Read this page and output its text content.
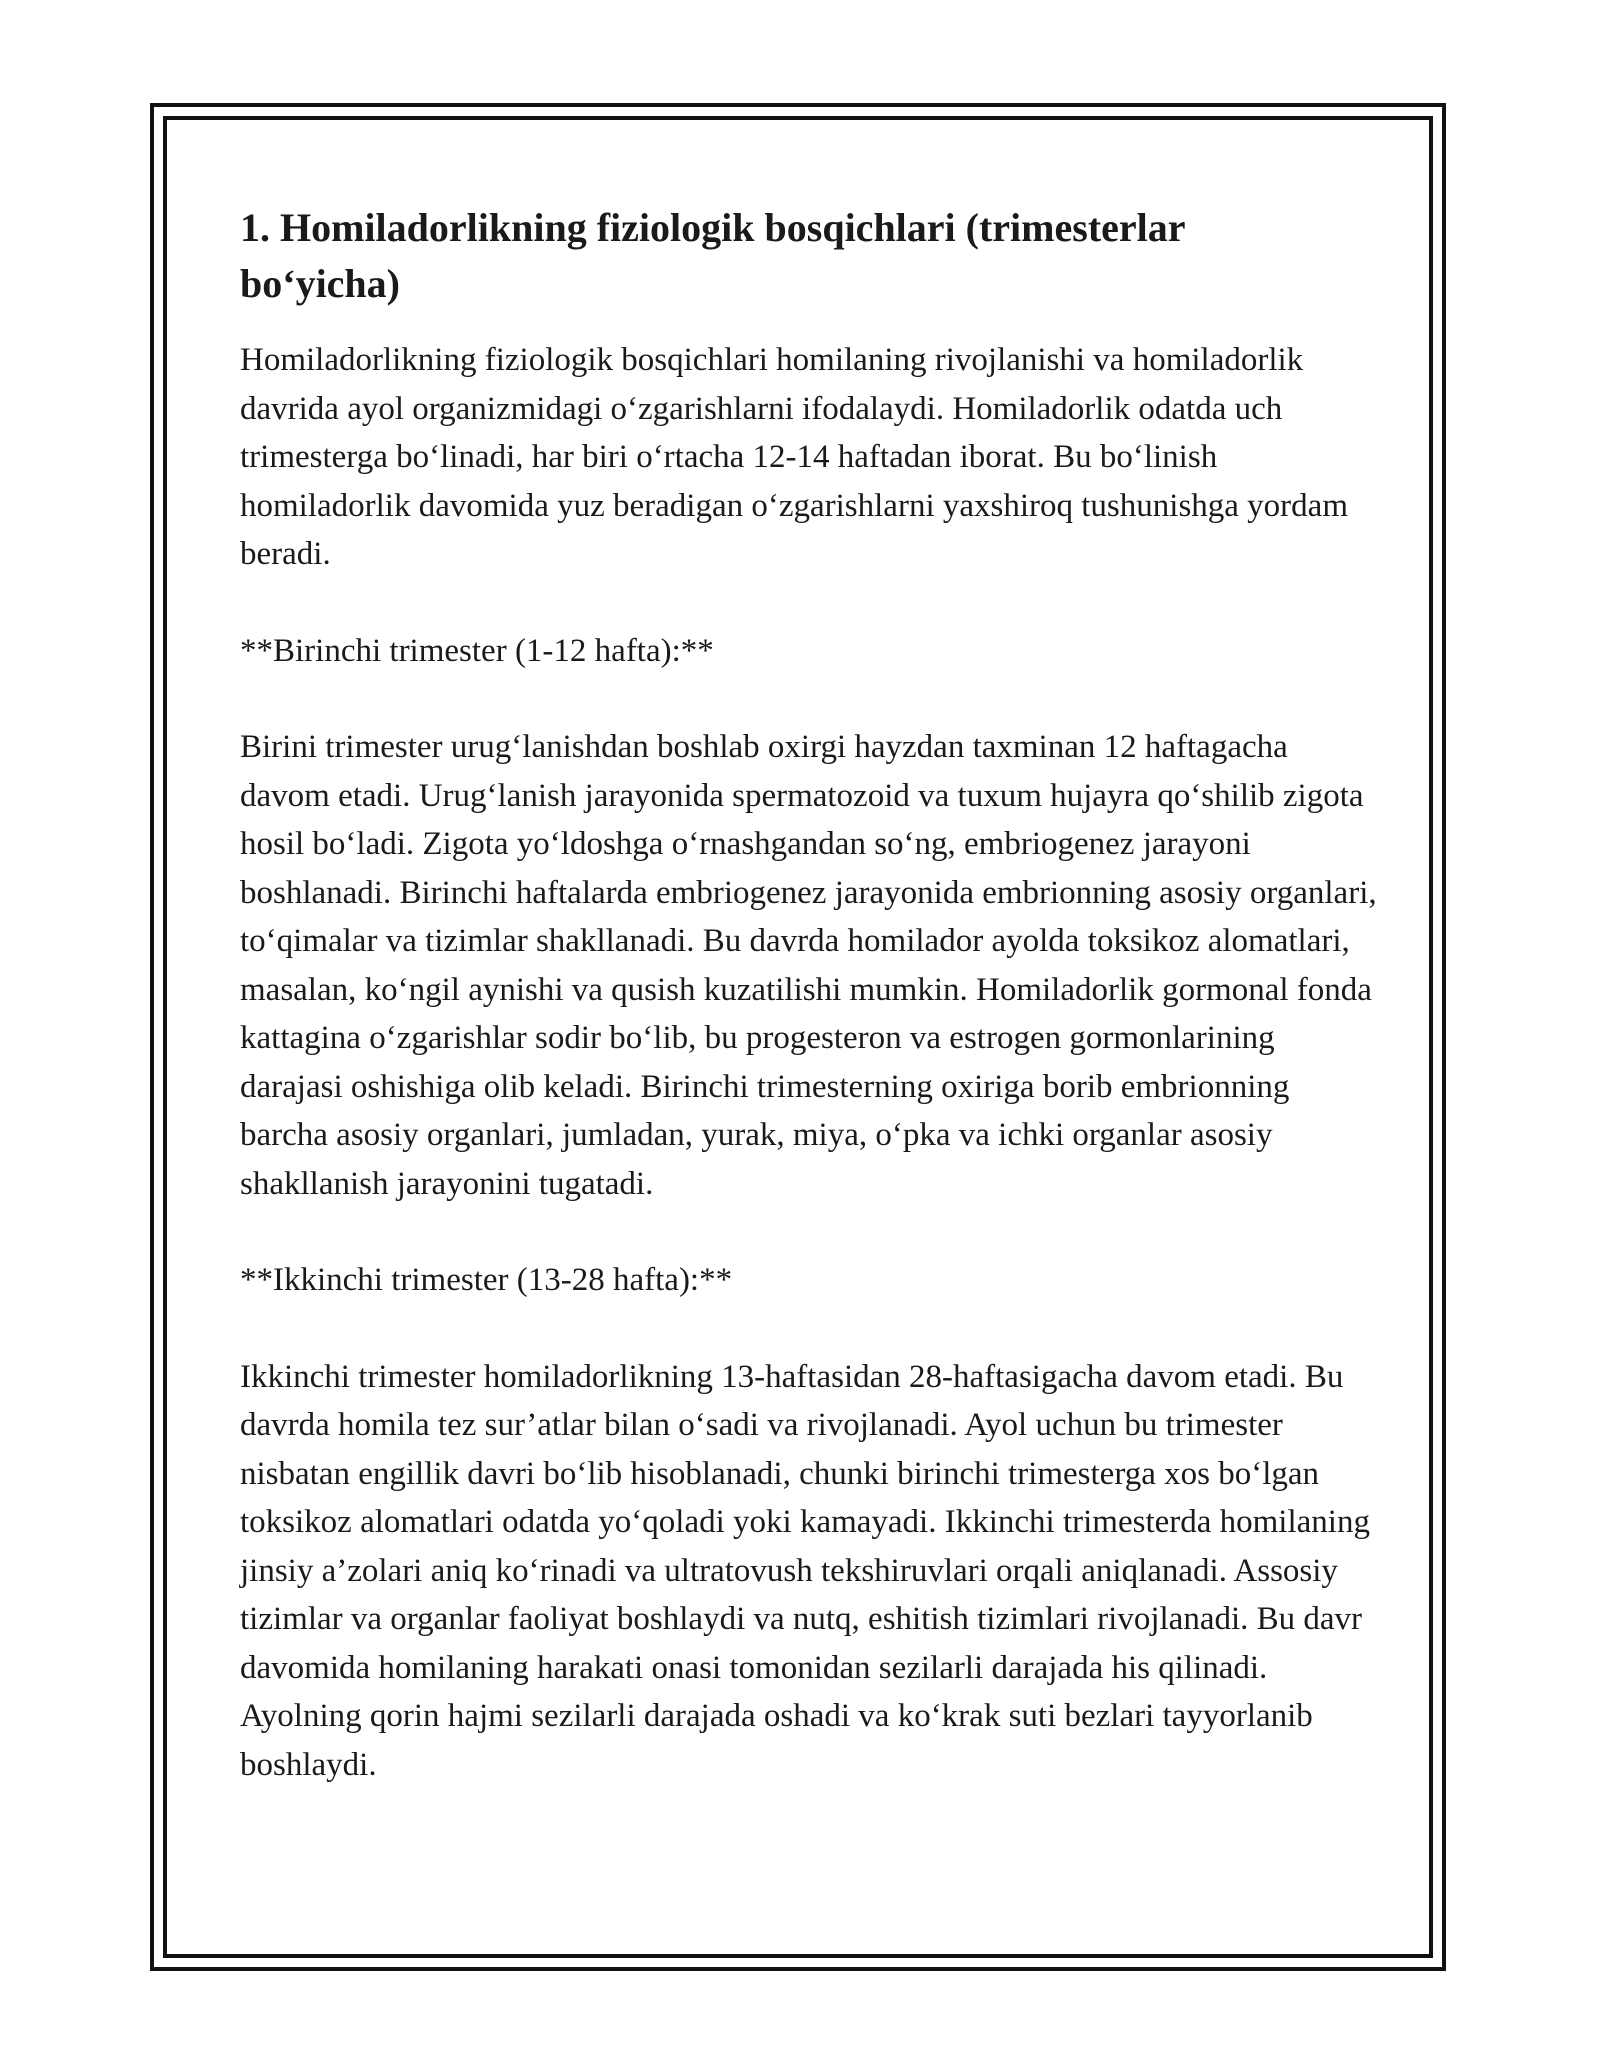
1. Homiladorlikning fiziologik bosqichlari (trimesterlar bo‘yicha)

Homiladorlikning fiziologik bosqichlari homilaning rivojlanishi va homiladorlik davrida ayol organizmidagi o‘zgarishlarni ifodalaydi. Homiladorlik odatda uch trimesterga bo‘linadi, har biri o‘rtacha 12-14 haftadan iborat. Bu bo‘linish homiladorlik davomida yuz beradigan o‘zgarishlarni yaxshiroq tushunishga yordam beradi.

**Birinchi trimester (1-12 hafta):**

Birini trimester urug‘lanishdan boshlab oxirgi hayzdan taxminan 12 haftagacha davom etadi. Urug‘lanish jarayonida spermatozoid va tuxum hujayra qo‘shilib zigota hosil bo‘ladi. Zigota yo‘ldoshga o‘rnashgandan so‘ng, embriogenez jarayoni boshlanadi. Birinchi haftalarda embriogenez jarayonida embrionning asosiy organlari, to‘qimalar va tizimlar shakllanadi. Bu davrda homilador ayolda toksikoz alomatlari, masalan, ko‘ngil aynishi va qusish kuzatilishi mumkin. Homiladorlik gormonal fonda kattagina o‘zgarishlar sodir bo‘lib, bu progesteron va estrogen gormonlarining darajasi oshishiga olib keladi. Birinchi trimesterning oxiriga borib embrionning barcha asosiy organlari, jumladan, yurak, miya, o‘pka va ichki organlar asosiy shakllanish jarayonini tugatadi.

**Ikkinchi trimester (13-28 hafta):**

Ikkinchi trimester homiladorlikning 13-haftasidan 28-haftasigacha davom etadi. Bu davrda homila tez sur’atlar bilan o‘sadi va rivojlanadi. Ayol uchun bu trimester nisbatan engillik davri bo‘lib hisoblanadi, chunki birinchi trimesterga xos bo‘lgan toksikoz alomatlari odatda yo‘qoladi yoki kamayadi. Ikkinchi trimesterda homilaning jinsiy a’zolari aniq ko‘rinadi va ultratovush tekshiruvlari orqali aniqlanadi. Assosiy tizimlar va organlar faoliyat boshlaydi va nutq, eshitish tizimlari rivojlanadi. Bu davr davomida homilaning harakati onasi tomonidan sezilarli darajada his qilinadi. Ayolning qorin hajmi sezilarli darajada oshadi va ko‘krak suti bezlari tayyorlanib boshlaydi.
